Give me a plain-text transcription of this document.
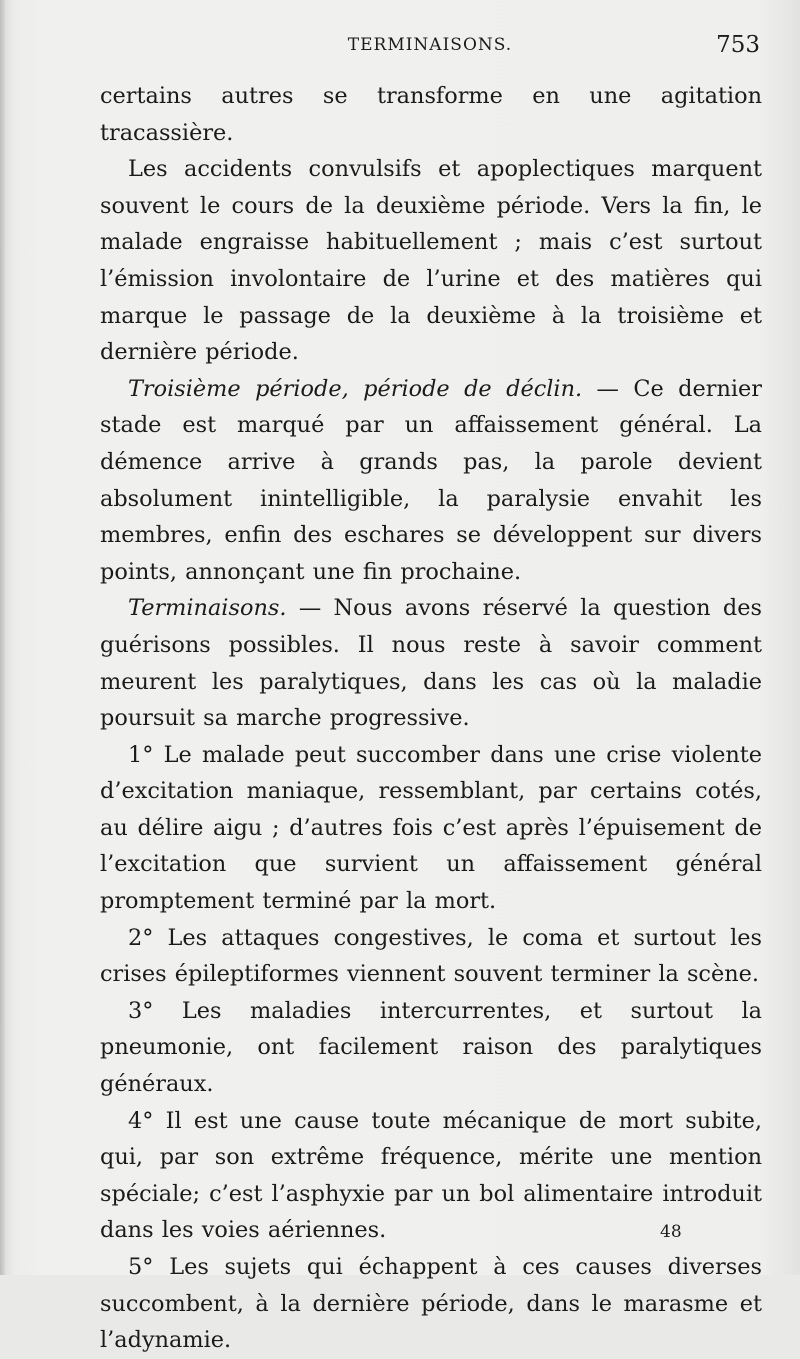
TERMINAISONS.	753

certains autres se transforme en une agitation tracassière.

Les accidents convulsifs et apoplectiques marquent souvent le cours de la deuxième période. Vers la fin, le malade engraisse habituellement ; mais c’est surtout l’émission involontaire de l’urine et des matières qui marque le passage de la deuxième à la troisième et dernière période.

Troisième période, période de déclin. — Ce dernier stade est marqué par un affaissement général. La démence arrive à grands pas, la parole devient absolument inintelligible, la paralysie envahit les membres, enfin des eschares se développent sur divers points, annonçant une fin prochaine.

Terminaisons. — Nous avons réservé la question des guérisons possibles. Il nous reste à savoir comment meurent les paralytiques, dans les cas où la maladie poursuit sa marche progressive.

1° Le malade peut succomber dans une crise violente d’excitation maniaque, ressemblant, par certains cotés, au délire aigu ; d’autres fois c’est après l’épuisement de l’excitation que survient un affaissement général promptement terminé par la mort.

2° Les attaques congestives, le coma et surtout les crises épileptiformes viennent souvent terminer la scène.

3° Les maladies intercurrentes, et surtout la pneumonie, ont facilement raison des paralytiques généraux.

4° Il est une cause toute mécanique de mort subite, qui, par son extrême fréquence, mérite une mention spéciale; c’est l’asphyxie par un bol alimentaire introduit dans les voies aériennes.

5° Les sujets qui échappent à ces causes diverses succombent, à la dernière période, dans le marasme et l’adynamie.

48
